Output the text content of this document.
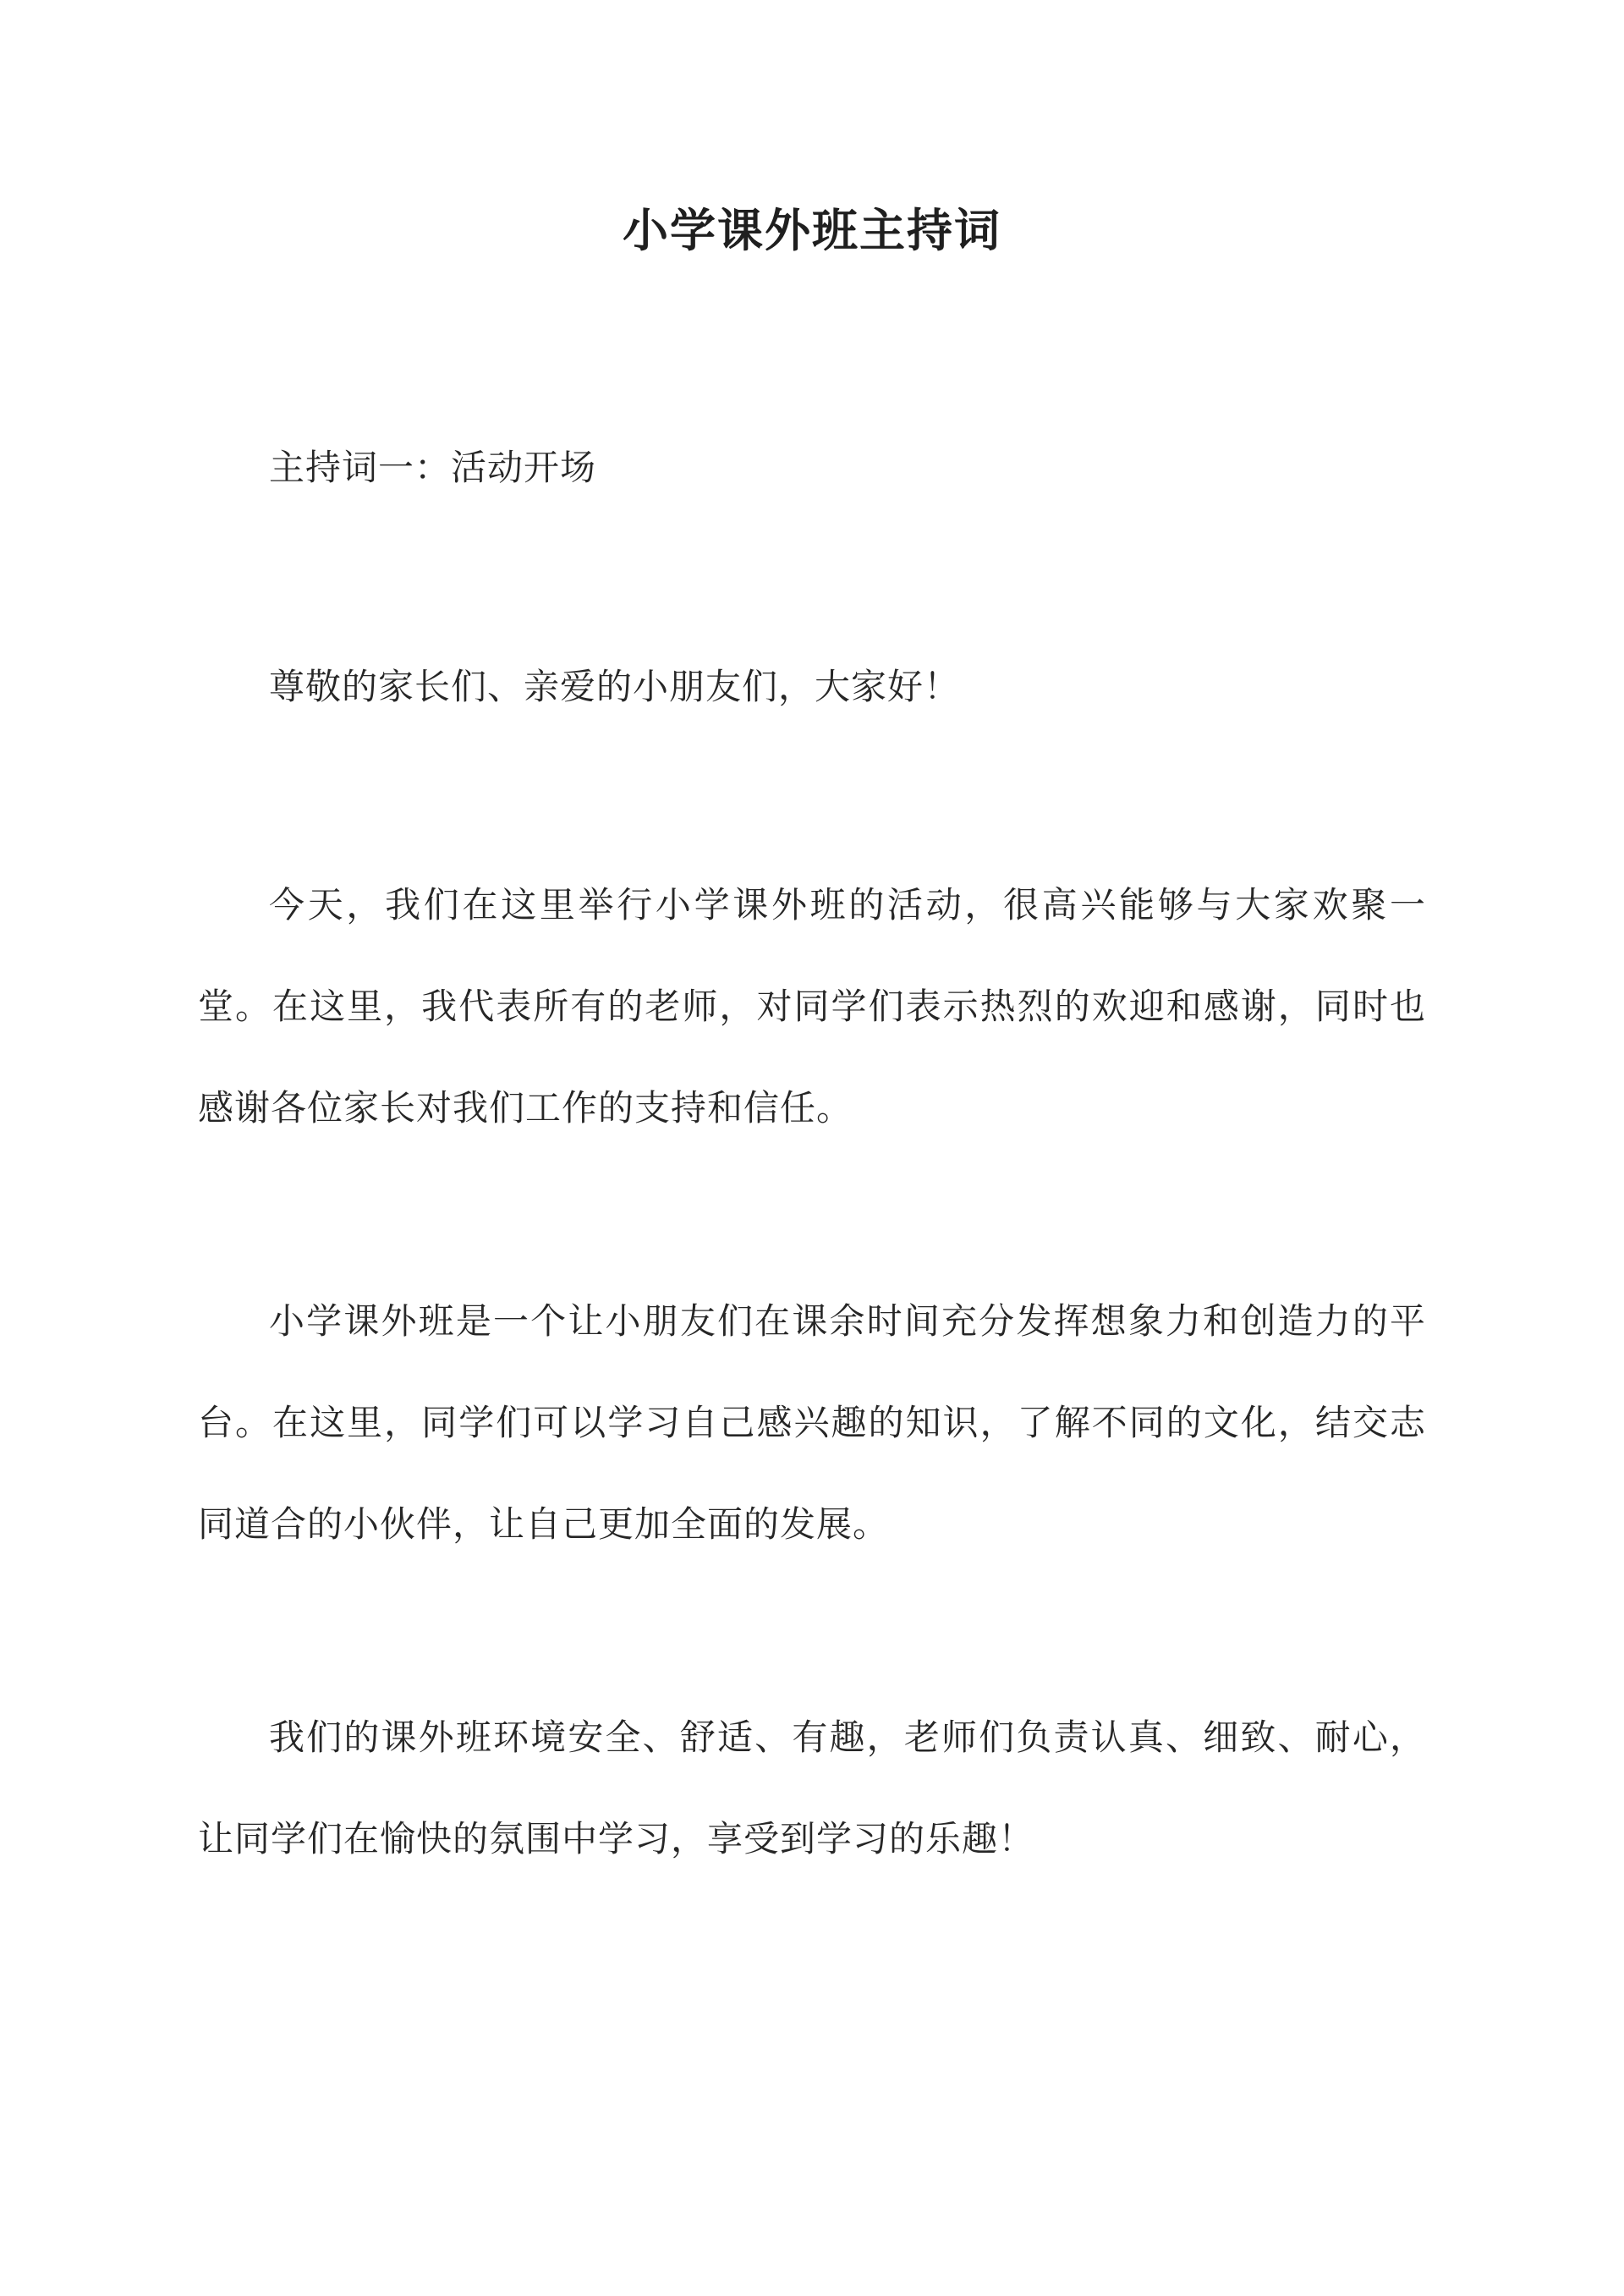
小学课外班主持词

主持词一：活动开场

尊敬的家长们、亲爱的小朋友们，大家好！

今天，我们在这里举行小学课外班的活动，很高兴能够与大家欢聚一堂。在这里，我代表所有的老师，对同学们表示热烈的欢迎和感谢，同时也感谢各位家长对我们工作的支持和信任。

小学课外班是一个让小朋友们在课余时间充分发挥想象力和创造力的平台。在这里，同学们可以学习自己感兴趣的知识，了解不同的文化，结交志同道合的小伙伴，让自己更加全面的发展。

我们的课外班环境安全、舒适、有趣，老师们负责认真、细致、耐心，让同学们在愉快的氛围中学习，享受到学习的乐趣！
